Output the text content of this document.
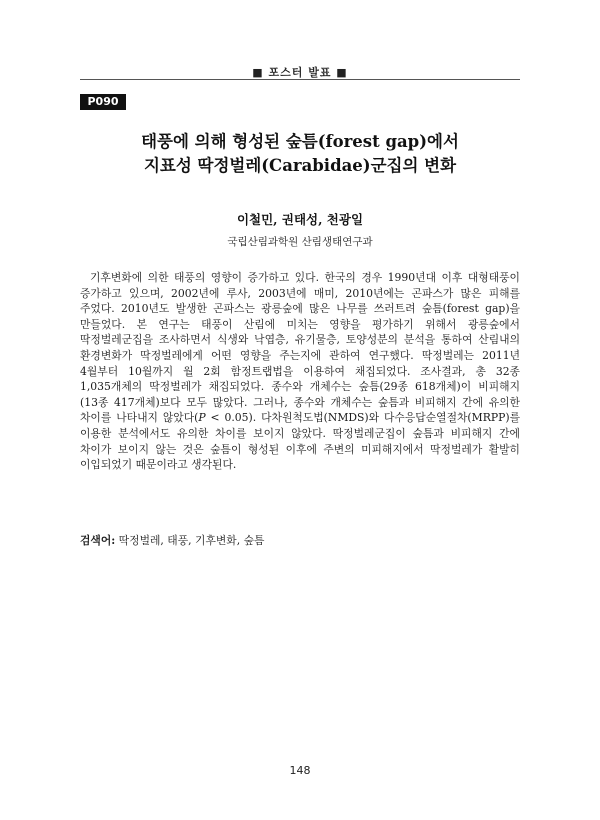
■ 포스터 발표 ■
P090
태풍에 의해 형성된 숲틈(forest gap)에서
지표성 딱정벌레(Carabidae)군집의 변화
이철민, 권태성, 천광일
국립산림과학원 산림생태연구과

기후변화에 의한 태풍의 영향이 증가하고 있다. 한국의 경우 1990년대 이후 대형태풍이 증가하고 있으며, 2002년에 루사, 2003년에 매미, 2010년에는 곤파스가 많은 피해를 주었다. 2010년도 발생한 곤파스는 광릉숲에 많은 나무를 쓰러트려 숲틈(forest gap)을 만들었다. 본 연구는 태풍이 산림에 미치는 영향을 평가하기 위해서 광릉숲에서 딱정벌레군집을 조사하면서 식생와 낙엽층, 유기물층, 토양성분의 분석을 통하여 산림내의 환경변화가 딱정벌레에게 어떤 영향을 주는지에 관하여 연구했다. 딱정벌레는 2011년 4월부터 10월까지 월 2회 함정트랩법을 이용하여 채집되었다. 조사결과, 총 32종 1,035개체의 딱정벌레가 채집되었다. 종수와 개체수는 숲틈(29종 618개체)이 비피해지(13종 417개체)보다 모두 많았다. 그러나, 종수와 개체수는 숲틈과 비피해지 간에 유의한 차이를 나타내지 않았다(P < 0.05). 다차원척도법(NMDS)와 다수응답순열절차(MRPP)를 이용한 분석에서도 유의한 차이를 보이지 않았다. 딱정벌레군집이 숲틈과 비피해지 간에 차이가 보이지 않는 것은 숲틈이 형성된 이후에 주변의 미피해지에서 딱정벌레가 활발히 이입되었기 때문이라고 생각된다.

검색어: 딱정벌레, 태풍, 기후변화, 숲틈
148
